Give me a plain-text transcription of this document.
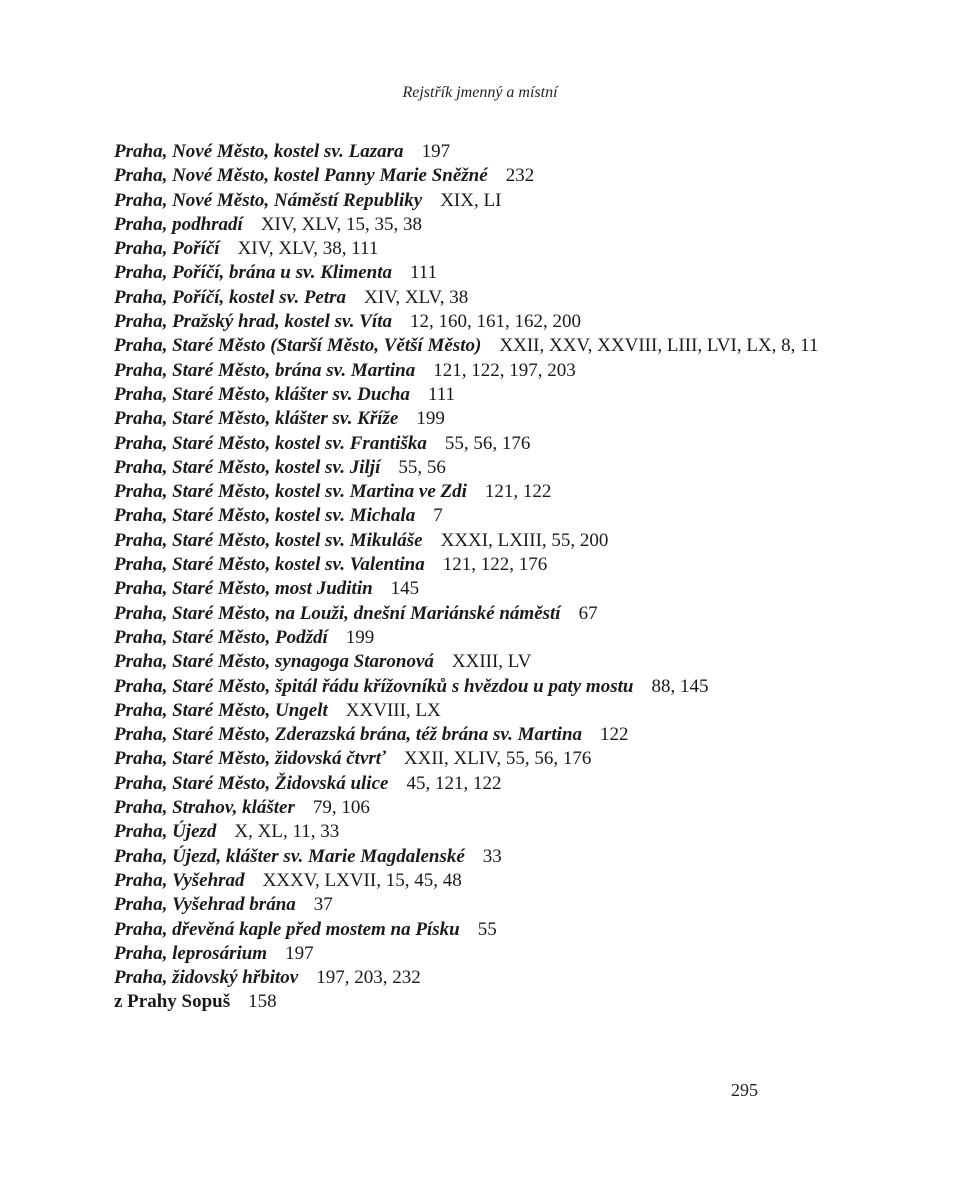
Rejstřík jmenný a místní
Praha, Nové Město, kostel sv. Lazara 197
Praha, Nové Město, kostel Panny Marie Sněžné 232
Praha, Nové Město, Náměstí Republiky XIX, LI
Praha, podhradí XIV, XLV, 15, 35, 38
Praha, Poříčí XIV, XLV, 38, 111
Praha, Poříčí, brána u sv. Klimenta 111
Praha, Poříčí, kostel sv. Petra XIV, XLV, 38
Praha, Pražský hrad, kostel sv. Víta 12, 160, 161, 162, 200
Praha, Staré Město (Starší Město, Větší Město) XXII, XXV, XXVIII, LIII, LVI, LX, 8, 11
Praha, Staré Město, brána sv. Martina 121, 122, 197, 203
Praha, Staré Město, klášter sv. Ducha 111
Praha, Staré Město, klášter sv. Kříže 199
Praha, Staré Město, kostel sv. Františka 55, 56, 176
Praha, Staré Město, kostel sv. Jiljí 55, 56
Praha, Staré Město, kostel sv. Martina ve Zdi 121, 122
Praha, Staré Město, kostel sv. Michala 7
Praha, Staré Město, kostel sv. Mikuláše XXXI, LXIII, 55, 200
Praha, Staré Město, kostel sv. Valentina 121, 122, 176
Praha, Staré Město, most Juditin 145
Praha, Staré Město, na Louži, dnešní Mariánské náměstí 67
Praha, Staré Město, Podždí 199
Praha, Staré Město, synagoga Staronová XXIII, LV
Praha, Staré Město, špitál řádu křížovníků s hvězdou u paty mostu 88, 145
Praha, Staré Město, Ungelt XXVIII, LX
Praha, Staré Město, Zderazská brána, též brána sv. Martina 122
Praha, Staré Město, židovská čtvrť XXII, XLIV, 55, 56, 176
Praha, Staré Město, Židovská ulice 45, 121, 122
Praha, Strahov, klášter 79, 106
Praha, Újezd X, XL, 11, 33
Praha, Újezd, klášter sv. Marie Magdalenské 33
Praha, Vyšehrad XXXV, LXVII, 15, 45, 48
Praha, Vyšehrad brána 37
Praha, dřevěná kaple před mostem na Písku 55
Praha, leprosárium 197
Praha, židovský hřbitov 197, 203, 232
z Prahy Sopuš 158
295
